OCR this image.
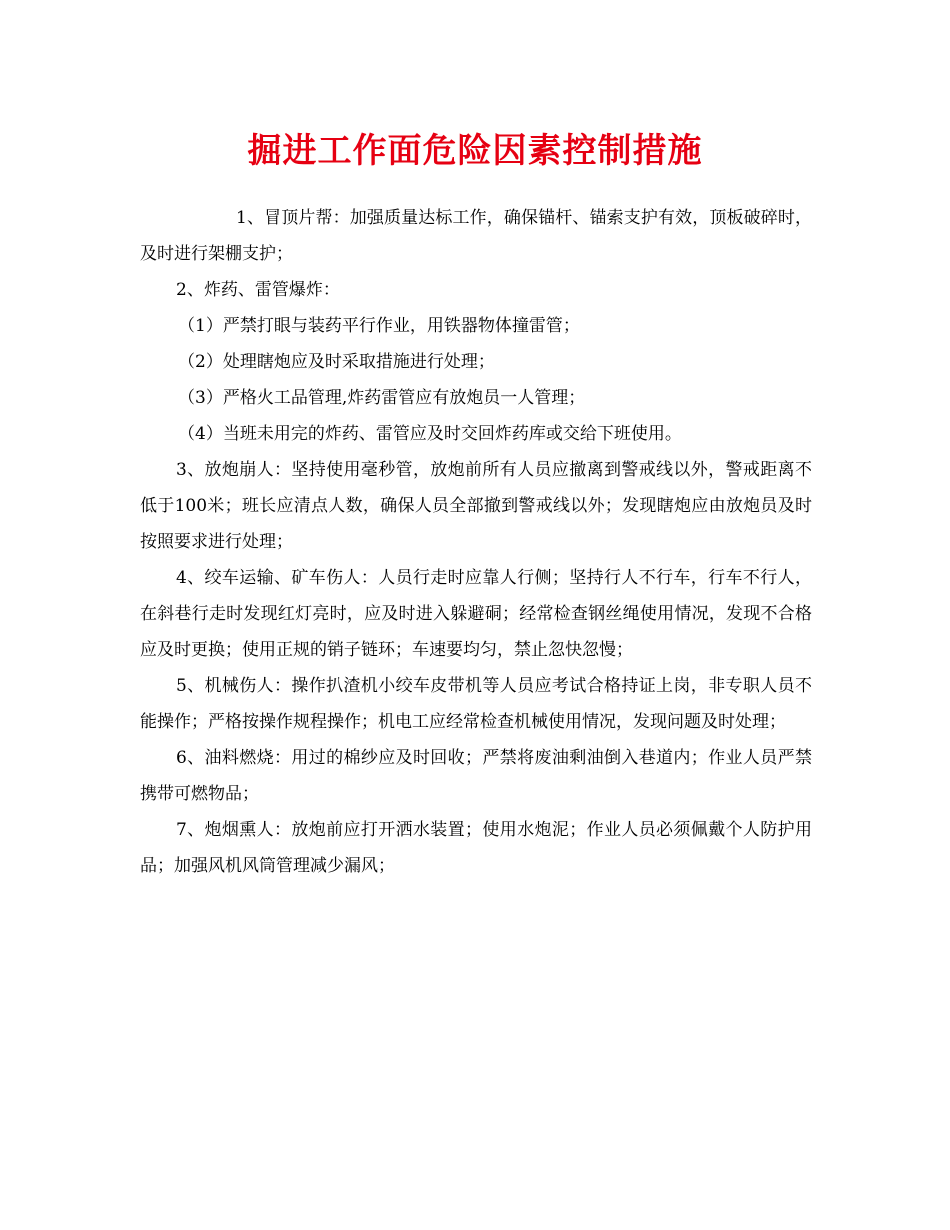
掘进工作面危险因素控制措施

1、冒顶片帮：加强质量达标工作，确保锚杆、锚索支护有效，顶板破碎时，及时进行架棚支护；

2、炸药、雷管爆炸：

（1）严禁打眼与装药平行作业，用铁器物体撞雷管；

（2）处理瞎炮应及时采取措施进行处理；

（3）严格火工品管理,炸药雷管应有放炮员一人管理；

（4）当班未用完的炸药、雷管应及时交回炸药库或交给下班使用。

3、放炮崩人：坚持使用毫秒管，放炮前所有人员应撤离到警戒线以外，警戒距离不低于100米；班长应清点人数，确保人员全部撤到警戒线以外；发现瞎炮应由放炮员及时按照要求进行处理；

4、绞车运输、矿车伤人：人员行走时应靠人行侧；坚持行人不行车，行车不行人，在斜巷行走时发现红灯亮时，应及时进入躲避硐；经常检查钢丝绳使用情况，发现不合格应及时更换；使用正规的销子链环；车速要均匀，禁止忽快忽慢；

5、机械伤人：操作扒渣机小绞车皮带机等人员应考试合格持证上岗，非专职人员不能操作；严格按操作规程操作；机电工应经常检查机械使用情况，发现问题及时处理；

6、油料燃烧：用过的棉纱应及时回收；严禁将废油剩油倒入巷道内；作业人员严禁携带可燃物品；

7、炮烟熏人：放炮前应打开洒水装置；使用水炮泥；作业人员必须佩戴个人防护用品；加强风机风筒管理减少漏风；
